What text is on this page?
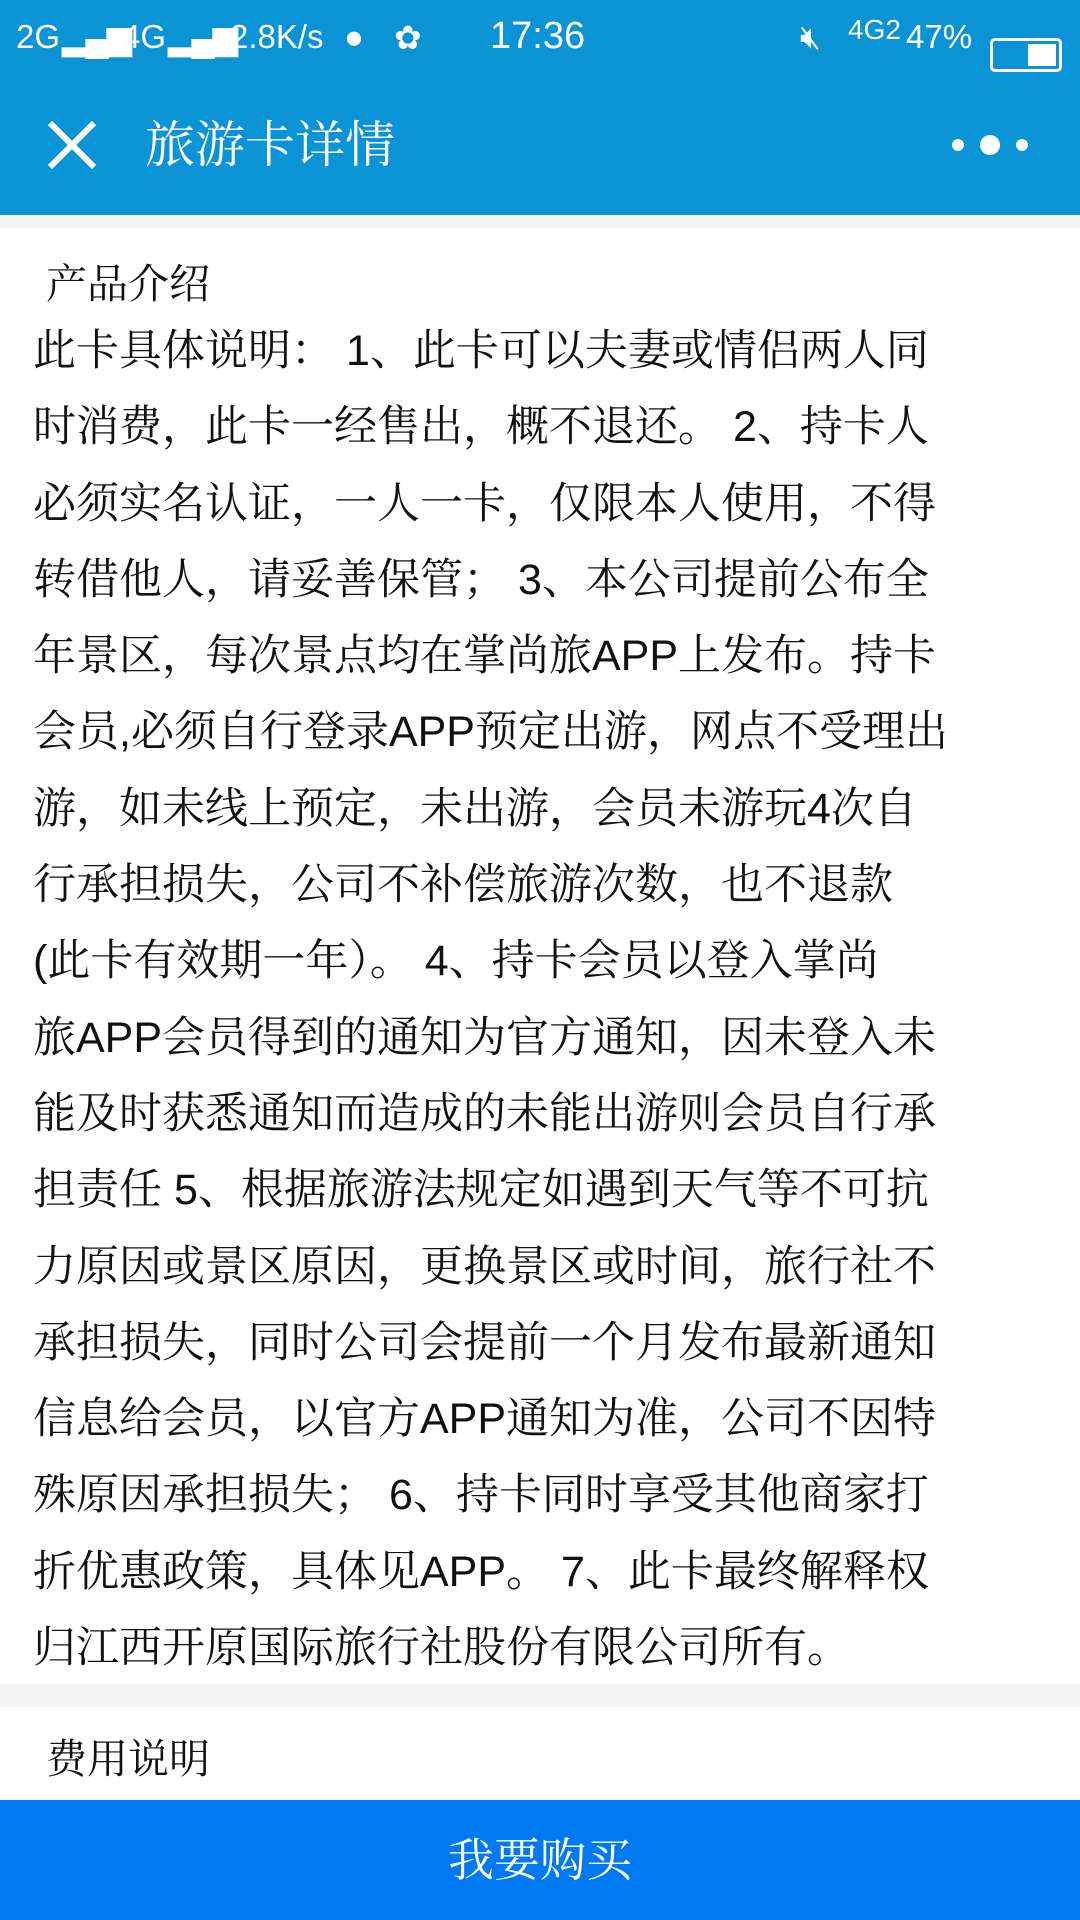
2G ▂▄▆
4G ▂▄▆
2.8K/s ● ✿ 17:36	🔇︎ 4G2 47%
旅游卡详情
产品介绍
此卡具体说明： 1、此卡可以夫妻或情侣两人同
时消费，此卡一经售出，概不退还。 2、持卡人
必须实名认证，一人一卡，仅限本人使用，不得
转借他人，请妥善保管； 3、本公司提前公布全
年景区，每次景点均在掌尚旅APP上发布。持卡
会员,必须自行登录APP预定出游，网点不受理出
游，如未线上预定，未出游，会员未游玩4次自
行承担损失，公司不补偿旅游次数，也不退款
(此卡有效期一年）。 4、持卡会员以登入掌尚
旅APP会员得到的通知为官方通知，因未登入未
能及时获悉通知而造成的未能出游则会员自行承
担责任 5、根据旅游法规定如遇到天气等不可抗
力原因或景区原因，更换景区或时间，旅行社不
承担损失，同时公司会提前一个月发布最新通知
信息给会员，以官方APP通知为准，公司不因特
殊原因承担损失； 6、持卡同时享受其他商家打
折优惠政策，具体见APP。 7、此卡最终解释权
归江西开原国际旅行社股份有限公司所有。
费用说明
我要购买
